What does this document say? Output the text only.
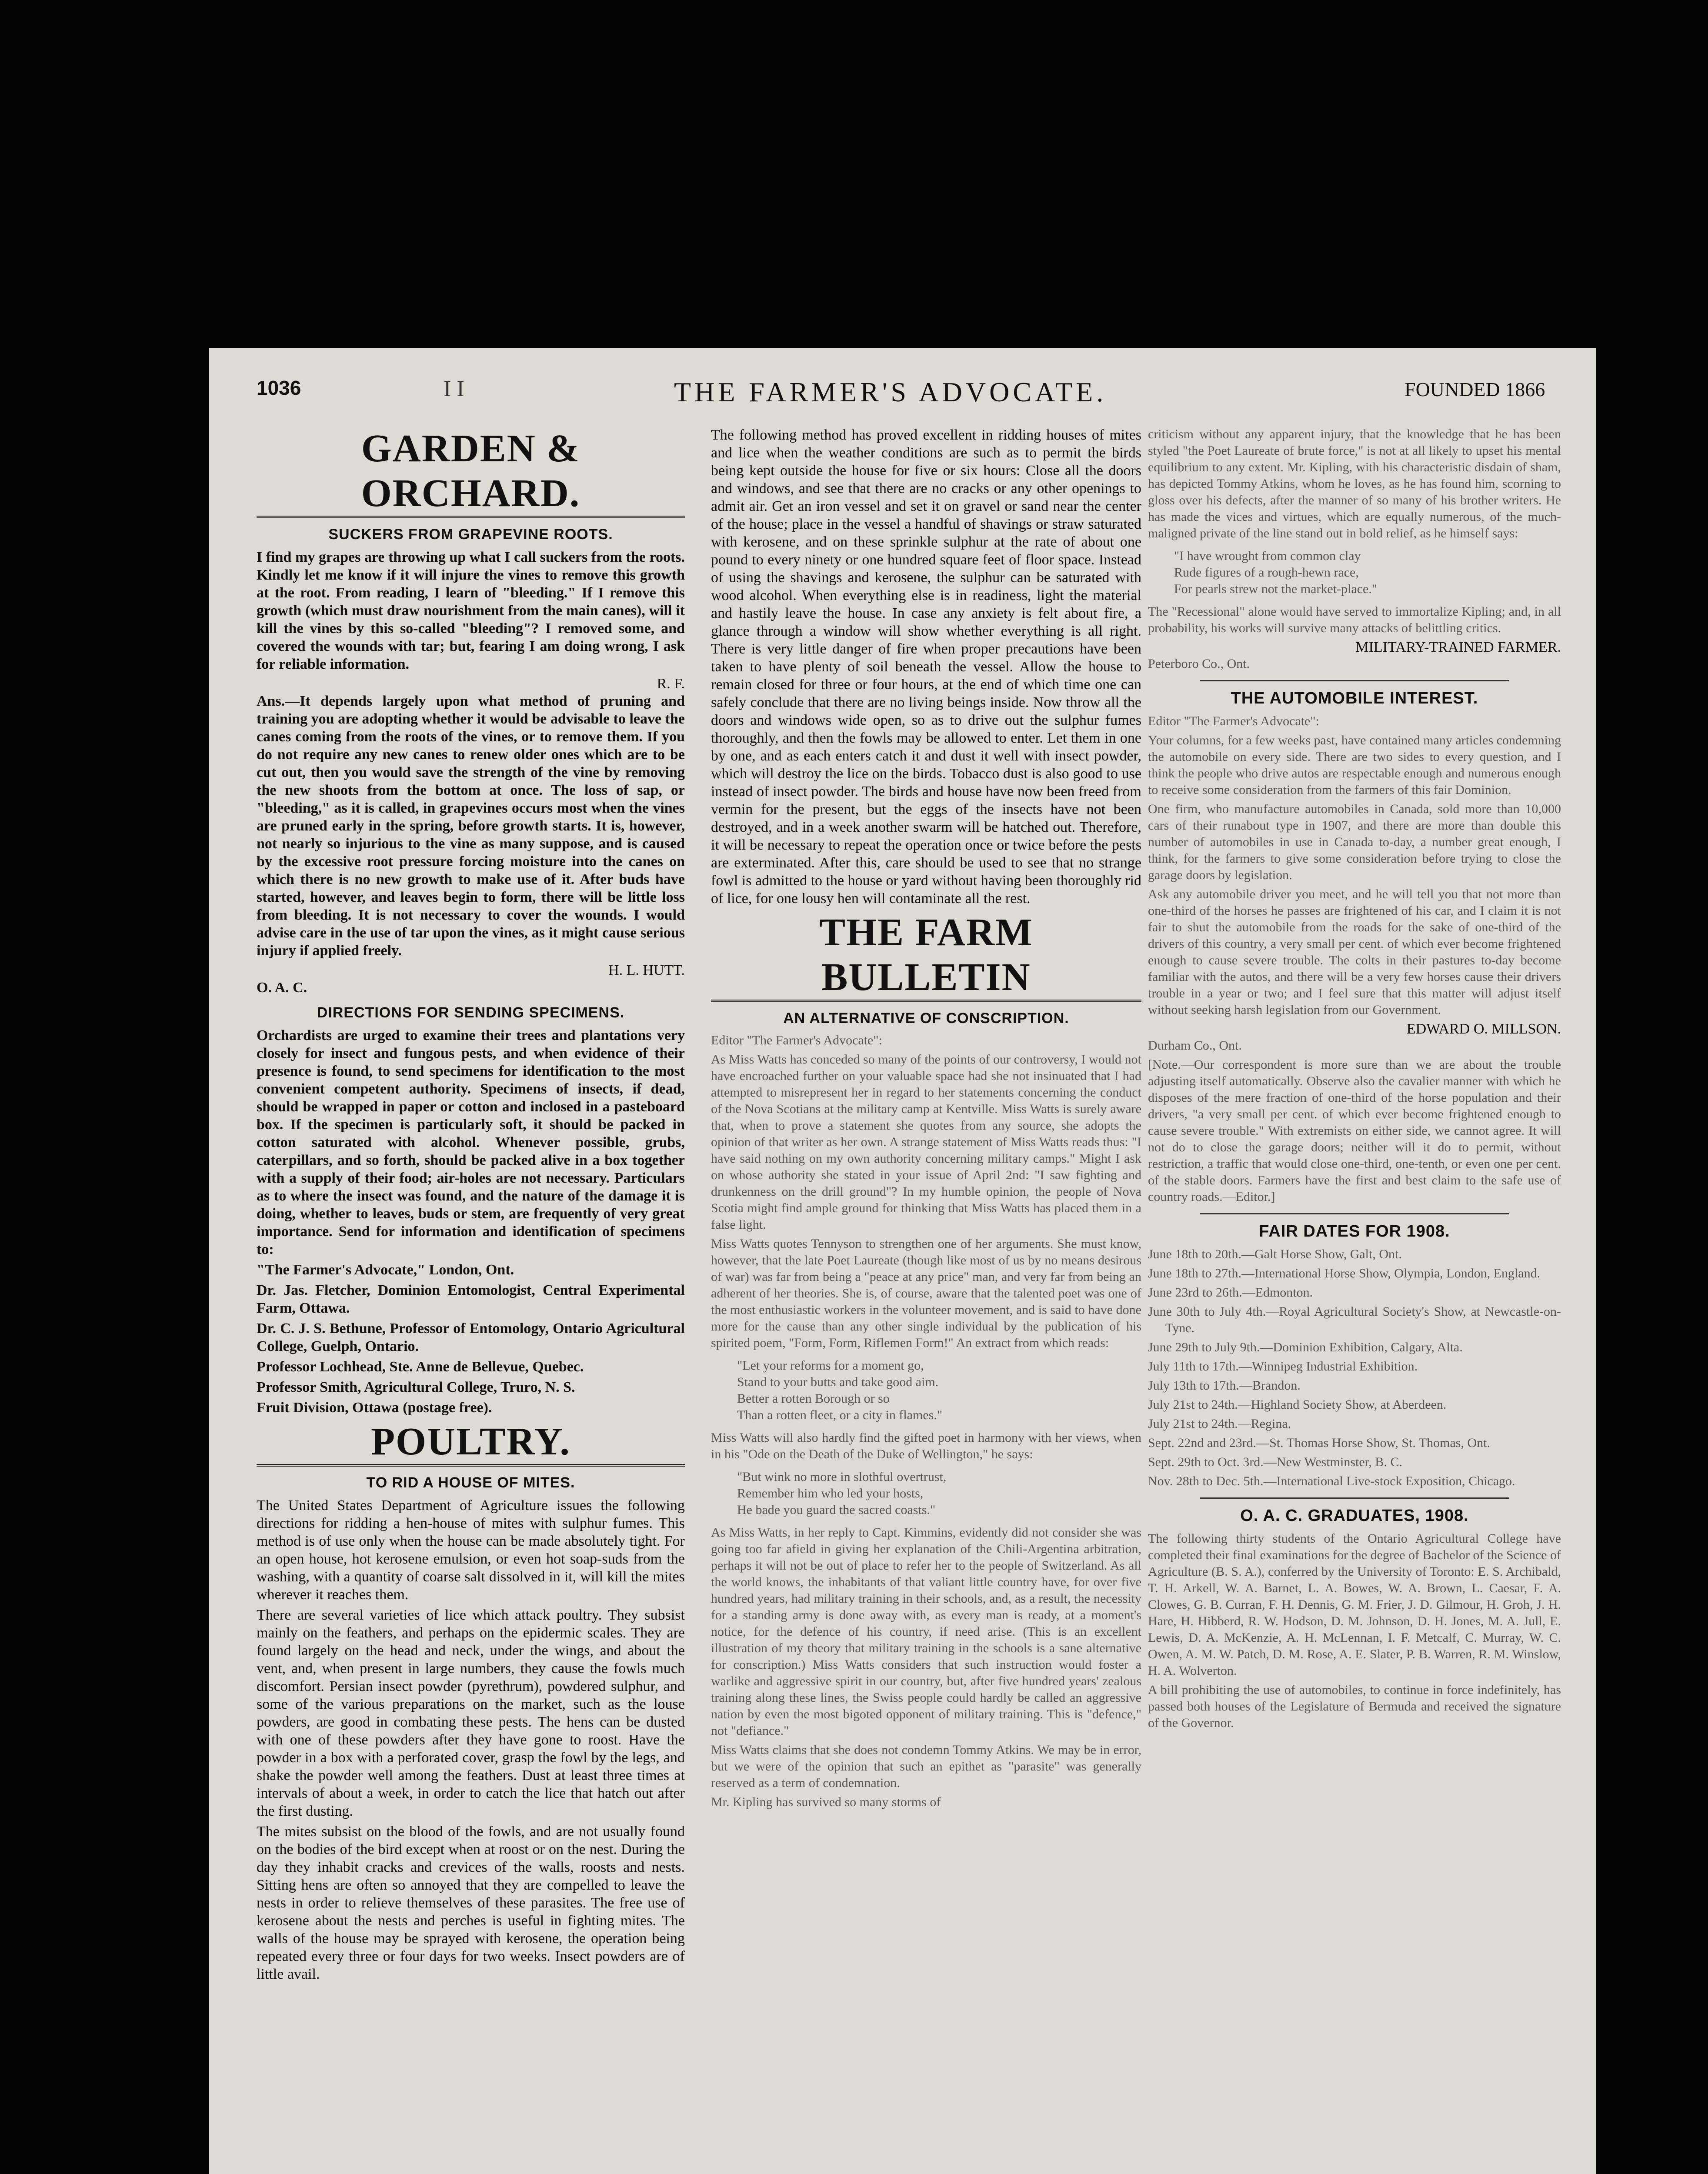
1036	I I	THE FARMER'S ADVOCATE.	FOUNDED 1866
GARDEN & ORCHARD.
SUCKERS FROM GRAPEVINE ROOTS.

I find my grapes are throwing up what I call suckers from the roots. Kindly let me know if it will injure the vines to remove this growth at the root. From reading, I learn of "bleeding." If I remove this growth (which must draw nourishment from the main canes), will it kill the vines by this so-called "bleeding"? I removed some, and covered the wounds with tar; but, fearing I am doing wrong, I ask for reliable information.

R. F.

Ans.—It depends largely upon what method of pruning and training you are adopting whether it would be advisable to leave the canes coming from the roots of the vines, or to remove them. If you do not require any new canes to renew older ones which are to be cut out, then you would save the strength of the vine by removing the new shoots from the bottom at once. The loss of sap, or "bleeding," as it is called, in grapevines occurs most when the vines are pruned early in the spring, before growth starts. It is, however, not nearly so injurious to the vine as many suppose, and is caused by the excessive root pressure forcing moisture into the canes on which there is no new growth to make use of it. After buds have started, however, and leaves begin to form, there will be little loss from bleeding. It is not necessary to cover the wounds. I would advise care in the use of tar upon the vines, as it might cause serious injury if applied freely.

H. L. HUTT.

O. A. C.

DIRECTIONS FOR SENDING SPECIMENS.

Orchardists are urged to examine their trees and plantations very closely for insect and fungous pests, and when evidence of their presence is found, to send specimens for identification to the most convenient competent authority. Specimens of insects, if dead, should be wrapped in paper or cotton and inclosed in a pasteboard box. If the specimen is particularly soft, it should be packed in cotton saturated with alcohol. Whenever possible, grubs, caterpillars, and so forth, should be packed alive in a box together with a supply of their food; air-holes are not necessary. Particulars as to where the insect was found, and the nature of the damage it is doing, whether to leaves, buds or stem, are frequently of very great importance. Send for information and identification of specimens to:

"The Farmer's Advocate," London, Ont.

Dr. Jas. Fletcher, Dominion Entomologist, Central Experimental Farm, Ottawa.

Dr. C. J. S. Bethune, Professor of Entomology, Ontario Agricultural College, Guelph, Ontario.

Professor Lochhead, Ste. Anne de Bellevue, Quebec.

Professor Smith, Agricultural College, Truro, N. S.

Fruit Division, Ottawa (postage free).

POULTRY.
TO RID A HOUSE OF MITES.

The United States Department of Agriculture issues the following directions for ridding a hen-house of mites with sulphur fumes. This method is of use only when the house can be made absolutely tight. For an open house, hot kerosene emulsion, or even hot soap-suds from the washing, with a quantity of coarse salt dissolved in it, will kill the mites wherever it reaches them.

There are several varieties of lice which attack poultry. They subsist mainly on the feathers, and perhaps on the epidermic scales. They are found largely on the head and neck, under the wings, and about the vent, and, when present in large numbers, they cause the fowls much discomfort. Persian insect powder (pyrethrum), powdered sulphur, and some of the various preparations on the market, such as the louse powders, are good in combating these pests. The hens can be dusted with one of these powders after they have gone to roost. Have the powder in a box with a perforated cover, grasp the fowl by the legs, and shake the powder well among the feathers. Dust at least three times at intervals of about a week, in order to catch the lice that hatch out after the first dusting.

The mites subsist on the blood of the fowls, and are not usually found on the bodies of the bird except when at roost or on the nest. During the day they inhabit cracks and crevices of the walls, roosts and nests. Sitting hens are often so annoyed that they are compelled to leave the nests in order to relieve themselves of these parasites. The free use of kerosene about the nests and perches is useful in fighting mites. The walls of the house may be sprayed with kerosene, the operation being repeated every three or four days for two weeks. Insect powders are of little avail.

The following method has proved excellent in ridding houses of mites and lice when the weather conditions are such as to permit the birds being kept outside the house for five or six hours: Close all the doors and windows, and see that there are no cracks or any other openings to admit air. Get an iron vessel and set it on gravel or sand near the center of the house; place in the vessel a handful of shavings or straw saturated with kerosene, and on these sprinkle sulphur at the rate of about one pound to every ninety or one hundred square feet of floor space. Instead of using the shavings and kerosene, the sulphur can be saturated with wood alcohol. When everything else is in readiness, light the material and hastily leave the house. In case any anxiety is felt about fire, a glance through a window will show whether everything is all right. There is very little danger of fire when proper precautions have been taken to have plenty of soil beneath the vessel. Allow the house to remain closed for three or four hours, at the end of which time one can safely conclude that there are no living beings inside. Now throw all the doors and windows wide open, so as to drive out the sulphur fumes thoroughly, and then the fowls may be allowed to enter. Let them in one by one, and as each enters catch it and dust it well with insect powder, which will destroy the lice on the birds. Tobacco dust is also good to use instead of insect powder. The birds and house have now been freed from vermin for the present, but the eggs of the insects have not been destroyed, and in a week another swarm will be hatched out. Therefore, it will be necessary to repeat the operation once or twice before the pests are exterminated. After this, care should be used to see that no strange fowl is admitted to the house or yard without having been thoroughly rid of lice, for one lousy hen will contaminate all the rest.

THE FARM BULLETIN
AN ALTERNATIVE OF CONSCRIPTION.

Editor "The Farmer's Advocate":

As Miss Watts has conceded so many of the points of our controversy, I would not have encroached further on your valuable space had she not insinuated that I had attempted to misrepresent her in regard to her statements concerning the conduct of the Nova Scotians at the military camp at Kentville. Miss Watts is surely aware that, when to prove a statement she quotes from any source, she adopts the opinion of that writer as her own. A strange statement of Miss Watts reads thus: "I have said nothing on my own authority concerning military camps." Might I ask on whose authority she stated in your issue of April 2nd: "I saw fighting and drunkenness on the drill ground"? In my humble opinion, the people of Nova Scotia might find ample ground for thinking that Miss Watts has placed them in a false light.

Miss Watts quotes Tennyson to strengthen one of her arguments. She must know, however, that the late Poet Laureate (though like most of us by no means desirous of war) was far from being a "peace at any price" man, and very far from being an adherent of her theories. She is, of course, aware that the talented poet was one of the most enthusiastic workers in the volunteer movement, and is said to have done more for the cause than any other single individual by the publication of his spirited poem, "Form, Form, Riflemen Form!" An extract from which reads:

"Let your reforms for a moment go,
Stand to your butts and take good aim.
Better a rotten Borough or so
Than a rotten fleet, or a city in flames."

Miss Watts will also hardly find the gifted poet in harmony with her views, when in his "Ode on the Death of the Duke of Wellington," he says:

"But wink no more in slothful overtrust,
Remember him who led your hosts,
He bade you guard the sacred coasts."

As Miss Watts, in her reply to Capt. Kimmins, evidently did not consider she was going too far afield in giving her explanation of the Chili-Argentina arbitration, perhaps it will not be out of place to refer her to the people of Switzerland. As all the world knows, the inhabitants of that valiant little country have, for over five hundred years, had military training in their schools, and, as a result, the necessity for a standing army is done away with, as every man is ready, at a moment's notice, for the defence of his country, if need arise. (This is an excellent illustration of my theory that military training in the schools is a sane alternative for conscription.) Miss Watts considers that such instruction would foster a warlike and aggressive spirit in our country, but, after five hundred years' zealous training along these lines, the Swiss people could hardly be called an aggressive nation by even the most bigoted opponent of military training. This is "defence," not "defiance."

Miss Watts claims that she does not condemn Tommy Atkins. We may be in error, but we were of the opinion that such an epithet as "parasite" was generally reserved as a term of condemnation.

Mr. Kipling has survived so many storms of

criticism without any apparent injury, that the knowledge that he has been styled "the Poet Laureate of brute force," is not at all likely to upset his mental equilibrium to any extent. Mr. Kipling, with his characteristic disdain of sham, has depicted Tommy Atkins, whom he loves, as he has found him, scorning to gloss over his defects, after the manner of so many of his brother writers. He has made the vices and virtues, which are equally numerous, of the much-maligned private of the line stand out in bold relief, as he himself says:

"I have wrought from common clay
Rude figures of a rough-hewn race,
For pearls strew not the market-place."

The "Recessional" alone would have served to immortalize Kipling; and, in all probability, his works will survive many attacks of belittling critics.

MILITARY-TRAINED FARMER.

Peterboro Co., Ont.

THE AUTOMOBILE INTEREST.

Editor "The Farmer's Advocate":

Your columns, for a few weeks past, have contained many articles condemning the automobile on every side. There are two sides to every question, and I think the people who drive autos are respectable enough and numerous enough to receive some consideration from the farmers of this fair Dominion.

One firm, who manufacture automobiles in Canada, sold more than 10,000 cars of their runabout type in 1907, and there are more than double this number of automobiles in use in Canada to-day, a number great enough, I think, for the farmers to give some consideration before trying to close the garage doors by legislation.

Ask any automobile driver you meet, and he will tell you that not more than one-third of the horses he passes are frightened of his car, and I claim it is not fair to shut the automobile from the roads for the sake of one-third of the drivers of this country, a very small per cent. of which ever become frightened enough to cause severe trouble. The colts in their pastures to-day become familiar with the autos, and there will be a very few horses cause their drivers trouble in a year or two; and I feel sure that this matter will adjust itself without seeking harsh legislation from our Government.

EDWARD O. MILLSON.

Durham Co., Ont.

[Note.—Our correspondent is more sure than we are about the trouble adjusting itself automatically. Observe also the cavalier manner with which he disposes of the mere fraction of one-third of the horse population and their drivers, "a very small per cent. of which ever become frightened enough to cause severe trouble." With extremists on either side, we cannot agree. It will not do to close the garage doors; neither will it do to permit, without restriction, a traffic that would close one-third, one-tenth, or even one per cent. of the stable doors. Farmers have the first and best claim to the safe use of country roads.—Editor.]

FAIR DATES FOR 1908.

June 18th to 20th.—Galt Horse Show, Galt, Ont.

June 18th to 27th.—International Horse Show, Olympia, London, England.

June 23rd to 26th.—Edmonton.

June 30th to July 4th.—Royal Agricultural Society's Show, at Newcastle-on-Tyne.

June 29th to July 9th.—Dominion Exhibition, Calgary, Alta.

July 11th to 17th.—Winnipeg Industrial Exhibition.

July 13th to 17th.—Brandon.

July 21st to 24th.—Highland Society Show, at Aberdeen.

July 21st to 24th.—Regina.

Sept. 22nd and 23rd.—St. Thomas Horse Show, St. Thomas, Ont.

Sept. 29th to Oct. 3rd.—New Westminster, B. C.

Nov. 28th to Dec. 5th.—International Live-stock Exposition, Chicago.

O. A. C. GRADUATES, 1908.

The following thirty students of the Ontario Agricultural College have completed their final examinations for the degree of Bachelor of the Science of Agriculture (B. S. A.), conferred by the University of Toronto: E. S. Archibald, T. H. Arkell, W. A. Barnet, L. A. Bowes, W. A. Brown, L. Caesar, F. A. Clowes, G. B. Curran, F. H. Dennis, G. M. Frier, J. D. Gilmour, H. Groh, J. H. Hare, H. Hibberd, R. W. Hodson, D. M. Johnson, D. H. Jones, M. A. Jull, E. Lewis, D. A. McKenzie, A. H. McLennan, I. F. Metcalf, C. Murray, W. C. Owen, A. M. W. Patch, D. M. Rose, A. E. Slater, P. B. Warren, R. M. Winslow, H. A. Wolverton.

A bill prohibiting the use of automobiles, to continue in force indefinitely, has passed both houses of the Legislature of Bermuda and received the signature of the Governor.
